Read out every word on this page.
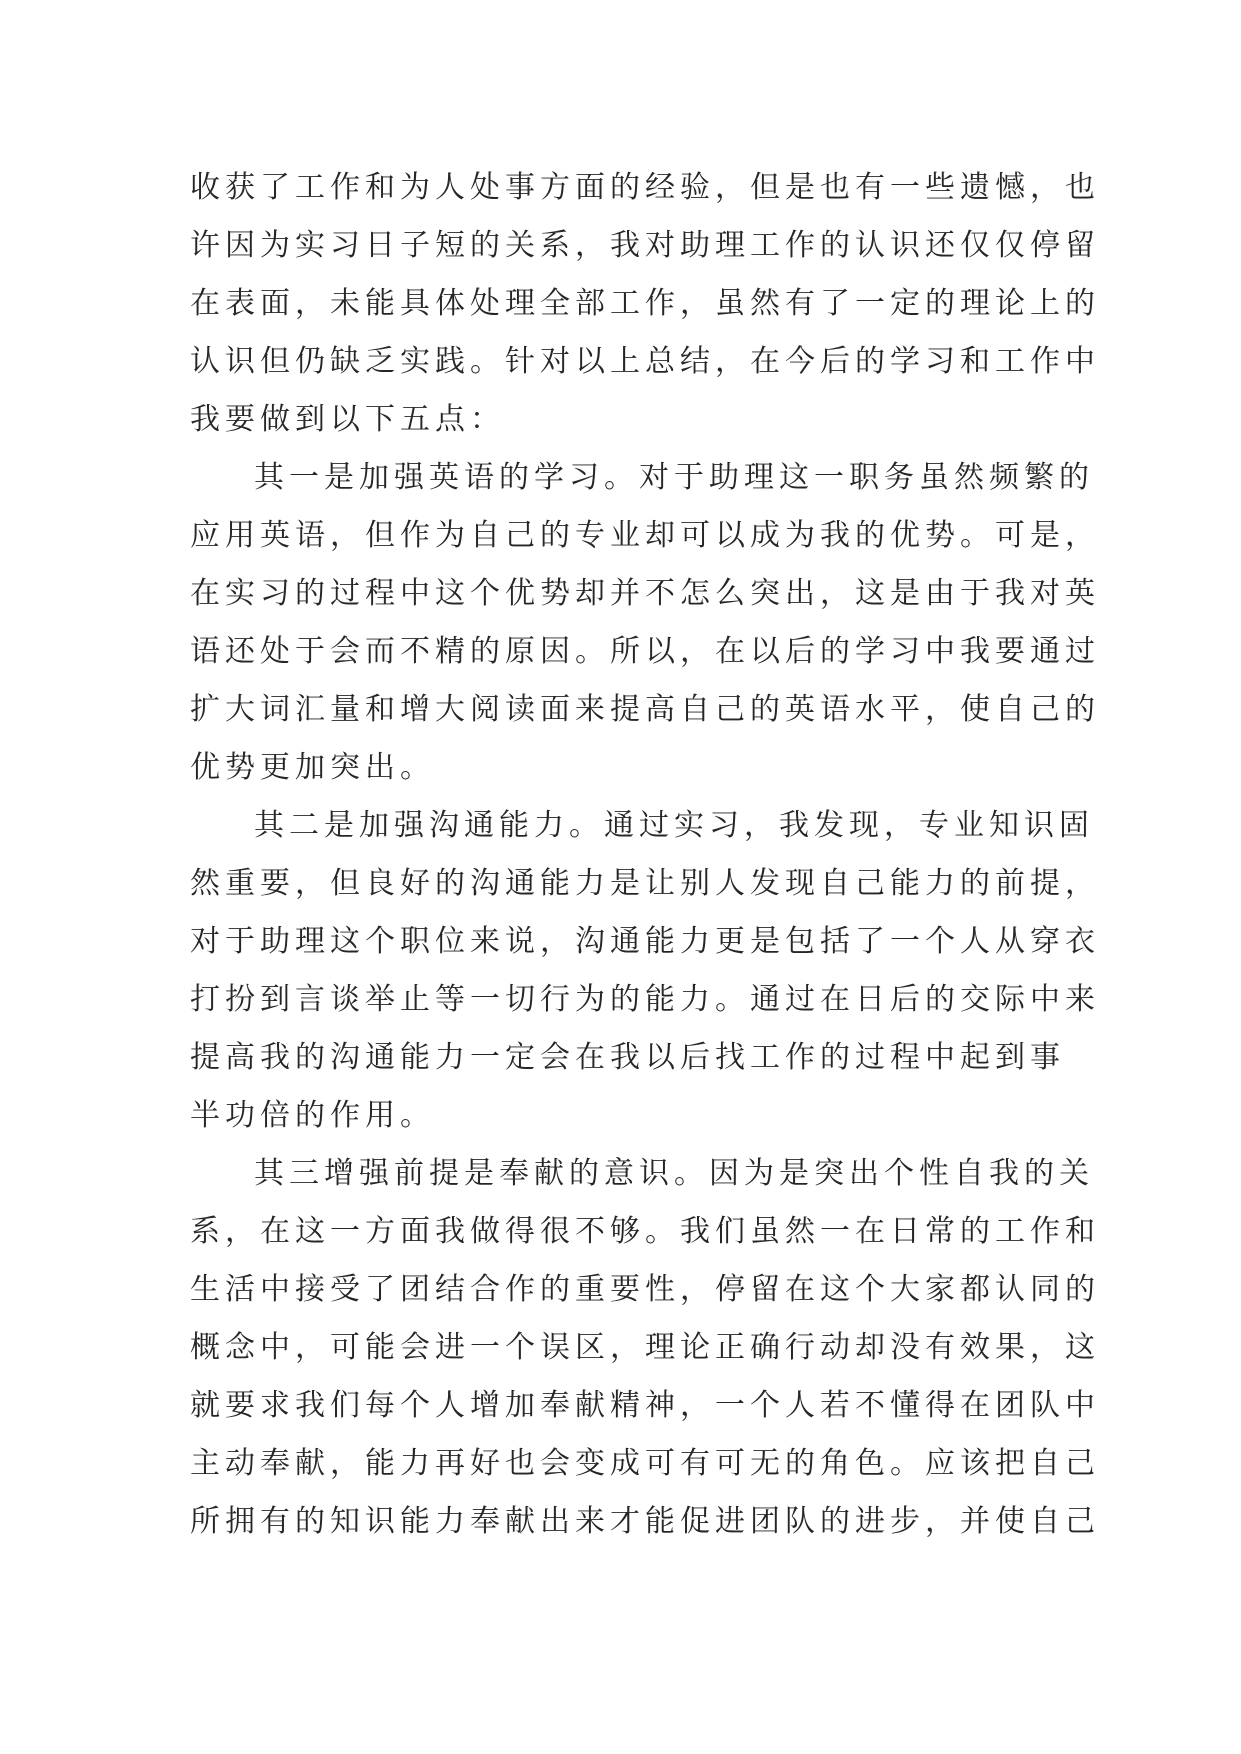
收获了工作和为人处事方面的经验，但是也有一些遗憾，也
许因为实习日子短的关系，我对助理工作的认识还仅仅停留
在表面，未能具体处理全部工作，虽然有了一定的理论上的
认识但仍缺乏实践。针对以上总结，在今后的学习和工作中
我要做到以下五点：
其一是加强英语的学习。对于助理这一职务虽然频繁的
应用英语，但作为自己的专业却可以成为我的优势。可是，
在实习的过程中这个优势却并不怎么突出，这是由于我对英
语还处于会而不精的原因。所以，在以后的学习中我要通过
扩大词汇量和增大阅读面来提高自己的英语水平，使自己的
优势更加突出。
其二是加强沟通能力。通过实习，我发现，专业知识固
然重要，但良好的沟通能力是让别人发现自己能力的前提，
对于助理这个职位来说，沟通能力更是包括了一个人从穿衣
打扮到言谈举止等一切行为的能力。通过在日后的交际中来
提高我的沟通能力一定会在我以后找工作的过程中起到事
半功倍的作用。
其三增强前提是奉献的意识。因为是突出个性自我的关
系，在这一方面我做得很不够。我们虽然一在日常的工作和
生活中接受了团结合作的重要性，停留在这个大家都认同的
概念中，可能会进一个误区，理论正确行动却没有效果，这
就要求我们每个人增加奉献精神，一个人若不懂得在团队中
主动奉献，能力再好也会变成可有可无的角色。应该把自己
所拥有的知识能力奉献出来才能促进团队的进步，并使自己
